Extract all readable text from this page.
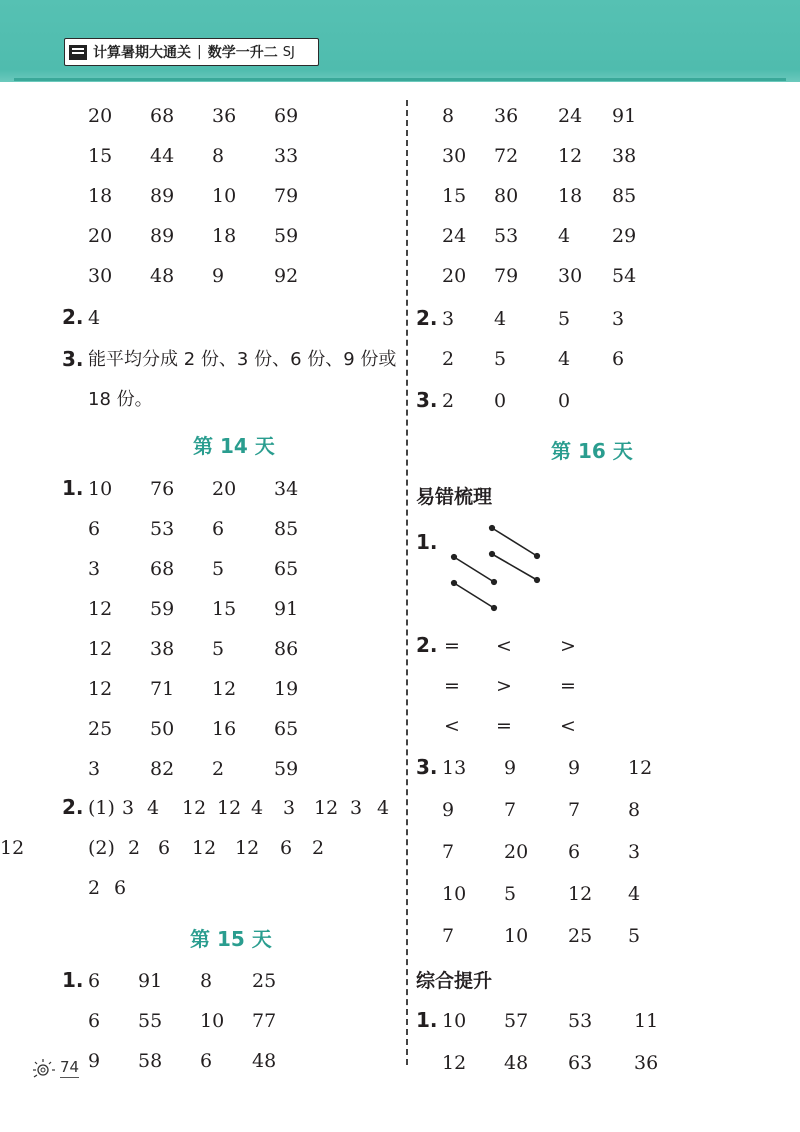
计算暑期大通关 | 数学一升二 SJ
20 68 36 69
15 44 8	33
18 89 10 79
20 89 18 59
30 48 9	92
2. 4
3. 能平均分成 2 份、3 份、6 份、9 份或
18 份。
第 14 天
1. 10 76 20 34
6	53 6	85
3	68 5	65
12 59 15 91
12 38 5	86
12 71 12 19
25 50 16 65
3	82 2	59
2. (1) 3 4 12 12 4 3 12 3 4
(2) 2 6 12 12 6 2
12
2 6
第 15 天
1. 6 91 8 25
6 55 10 77
9 58 6 48
8 36 24 91
30 72 12 38
15 80 18 85
24 53 4 29
20 79 30 54
2. 3 4	5 3
2 5	4 6
3. 2 0	0
第 16 天
易错梳理
1.
2. = <	>
= >	=
< =	<
3. 13 9	9	12
9	7	7	8
7	20 6	3
10 5	12 4
7	10 25 5
综合提升
1. 10 57 53 11
12 48 63 36
74
